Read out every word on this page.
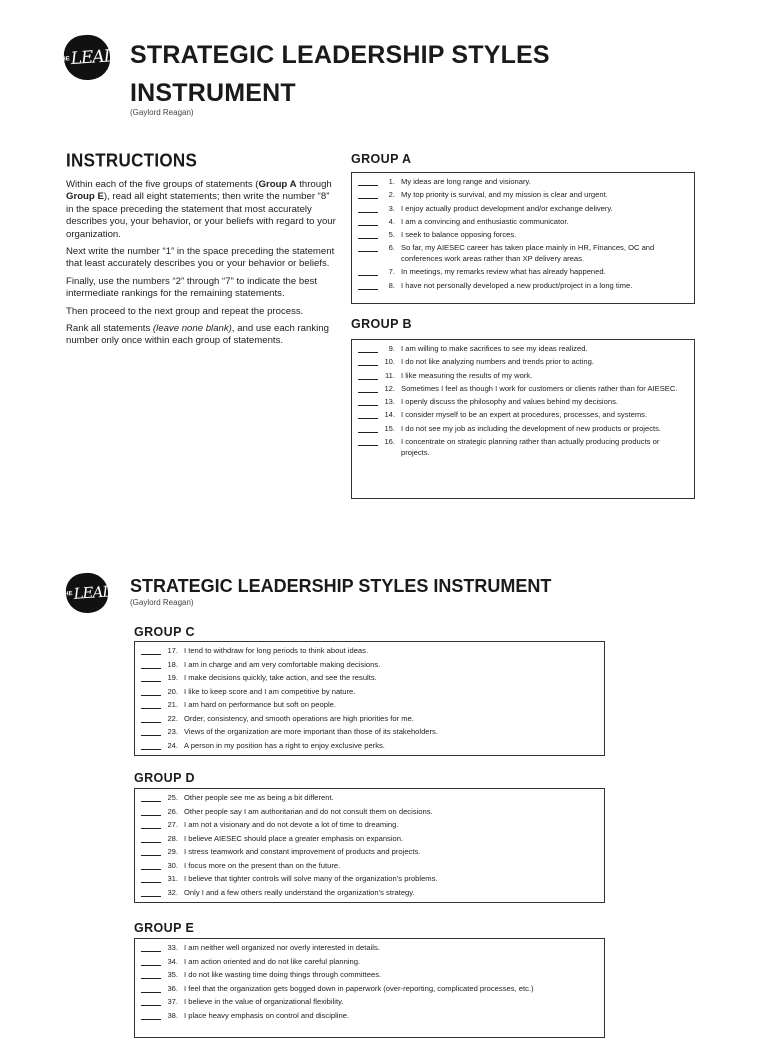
THE LEAD STRATEGIC LEADERSHIP STYLES INSTRUMENT
(Gaylord Reagan)
INSTRUCTIONS

Within each of the five groups of statements (Group A through Group E), read all eight statements; then write the number “8” in the space preceding the statement that most accurately describes you, your behavior, or your beliefs with regard to your organization.

Next write the number “1” in the space preceding the statement that least accurately describes you or your behavior or beliefs.

Finally, use the numbers “2” through “7” to indicate the best intermediate rankings for the remaining statements.

Then proceed to the next group and repeat the process.

Rank all statements (leave none blank), and use each ranking number only once within each group of statements.

GROUP A
1. My ideas are long range and visionary.
2. My top priority is survival, and my mission is clear and urgent.
3. I enjoy actually product development and/or exchange delivery.
4. I am a convincing and enthusiastic communicator.
5. I seek to balance opposing forces.
6. So far, my AIESEC career has taken place mainly in HR, Finances, OC and conferences work areas rather than XP delivery areas.
7. In meetings, my remarks review what has already happened.
8. I have not personally developed a new product/project in a long time.
GROUP B
9. I am willing to make sacrifices to see my ideas realized.
10. I do not like analyzing numbers and trends prior to acting.
11. I like measuring the results of my work.
12. Sometimes I feel as though I work for customers or clients rather than for AIESEC.
13. I openly discuss the philosophy and values behind my decisions.
14. I consider myself to be an expert at procedures, processes, and systems.
15. I do not see my job as including the development of new products or projects.
16. I concentrate on strategic planning rather than actually producing products or projects.
THE LEAD STRATEGIC LEADERSHIP STYLES INSTRUMENT
(Gaylord Reagan)
GROUP C
17. I tend to withdraw for long periods to think about ideas.
18. I am in charge and am very comfortable making decisions.
19. I make decisions quickly, take action, and see the results.
20. I like to keep score and I am competitive by nature.
21. I am hard on performance but soft on people.
22. Order, consistency, and smooth operations are high priorities for me.
23. Views of the organization are more important than those of its stakeholders.
24. A person in my position has a right to enjoy exclusive perks.
GROUP D
25. Other people see me as being a bit different.
26. Other people say I am authoritarian and do not consult them on decisions.
27. I am not a visionary and do not devote a lot of time to dreaming.
28. I believe AIESEC should place a greater emphasis on expansion.
29. I stress teamwork and constant improvement of products and projects.
30. I focus more on the present than on the future.
31. I believe that tighter controls will solve many of the organization’s problems.
32. Only I and a few others really understand the organization’s strategy.
GROUP E
33. I am neither well organized nor overly interested in details.
34. I am action oriented and do not like careful planning.
35. I do not like wasting time doing things through committees.
36. I feel that the organization gets bogged down in paperwork (over-reporting, complicated processes, etc.)
37. I believe in the value of organizational flexibility.
38. I place heavy emphasis on control and discipline.
